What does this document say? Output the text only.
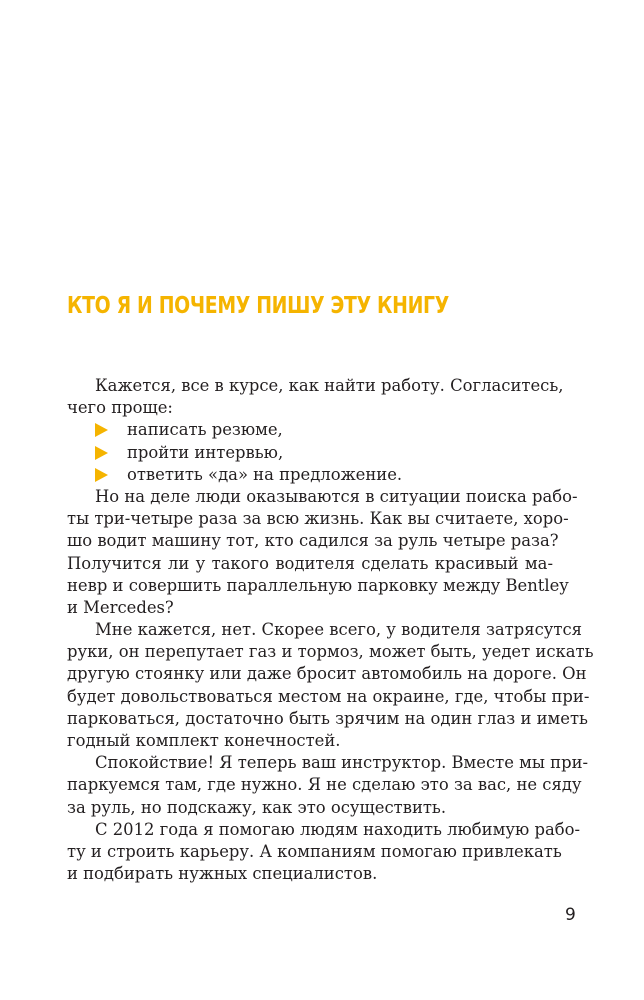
КТО Я И ПОЧЕМУ ПИШУ ЭТУ КНИГУ

Кажется, все в курсе, как найти работу. Согласитесь,
чего проще:

написать резюме,
пройти интервью,
ответить «да» на предложение.

Но на деле люди оказываются в ситуации поиска рабо-
ты три-четыре раза за всю жизнь. Как вы считаете, хоро-
шо водит машину тот, кто садился за руль четыре раза?
Получится ли у такого водителя сделать красивый ма-
невр и совершить параллельную парковку между Bentley
и Mercedes?

Мне кажется, нет. Скорее всего, у водителя затрясутся
руки, он перепутает газ и тормоз, может быть, уедет искать
другую стоянку или даже бросит автомобиль на дороге. Он
будет довольствоваться местом на окраине, где, чтобы при-
парковаться, достаточно быть зрячим на один глаз и иметь
годный комплект конечностей.

Спокойствие! Я теперь ваш инструктор. Вместе мы при-
паркуемся там, где нужно. Я не сделаю это за вас, не сяду
за руль, но подскажу, как это осуществить.

С 2012 года я помогаю людям находить любимую рабо-
ту и строить карьеру. А компаниям помогаю привлекать
и подбирать нужных специалистов.

9
